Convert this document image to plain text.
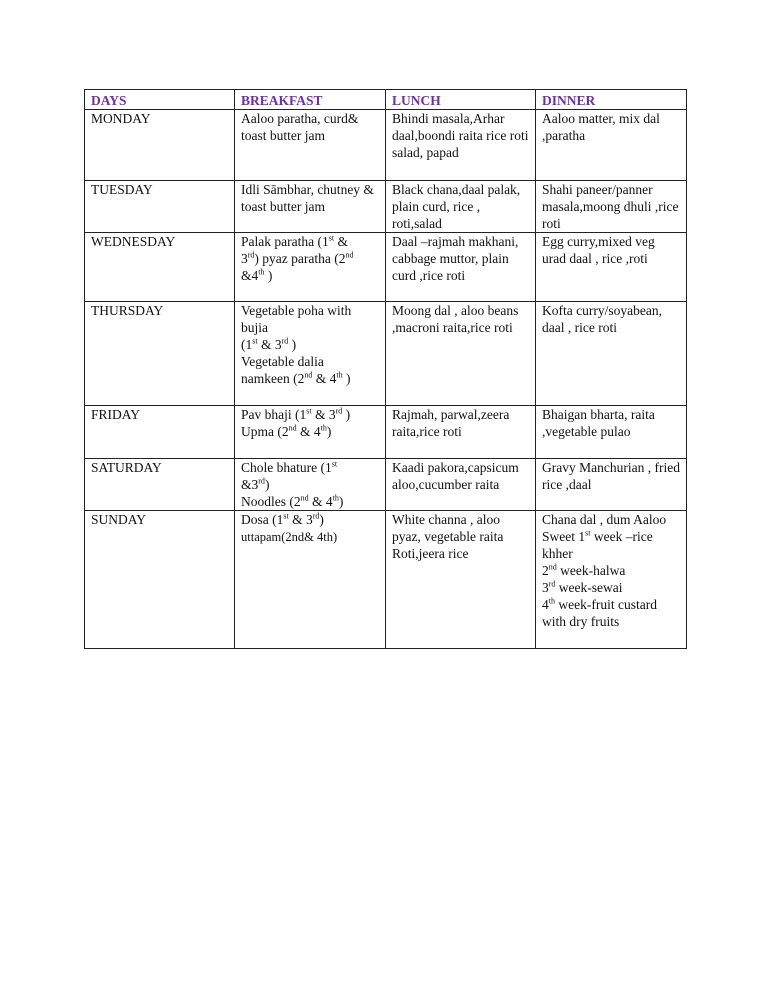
DAYS	BREAKFAST	LUNCH	DINNER
MONDAY	Aaloo paratha, curd& toast butter jam	Bhindi masala,Arhar daal,boondi raita rice roti salad, papad	Aaloo matter, mix dal ,paratha
TUESDAY	Idli Sāmbhar, chutney & toast butter jam	Black chana,daal palak, plain curd, rice , roti,salad	Shahi paneer/panner masala,moong dhuli ,rice roti
WEDNESDAY	Palak paratha (1st &
3rd) pyaz paratha (2nd
&4th )	Daal –rajmah makhani, cabbage muttor, plain curd ,rice roti	Egg curry,mixed veg urad daal , rice ,roti
THURSDAY	Vegetable poha with bujia
(1st & 3rd )
Vegetable dalia
namkeen (2nd & 4th )	Moong dal , aloo beans ,macroni raita,rice roti	Kofta curry/soyabean, daal , rice roti
FRIDAY	Pav bhaji (1st & 3rd )
Upma (2nd & 4th)	Rajmah, parwal,zeera raita,rice roti	Bhaigan bharta, raita ,vegetable pulao
SATURDAY	Chole bhature (1st
&3rd)
Noodles (2nd & 4th)	Kaadi pakora,capsicum aloo,cucumber raita	Gravy Manchurian , fried rice ,daal
SUNDAY	Dosa (1st & 3rd)
uttapam(2nd& 4th)	White channa , aloo pyaz, vegetable raita Roti,jeera rice	Chana dal , dum Aaloo
Sweet 1st week –rice khher
2nd week-halwa
3rd week-sewai
4th week-fruit custard with dry fruits
